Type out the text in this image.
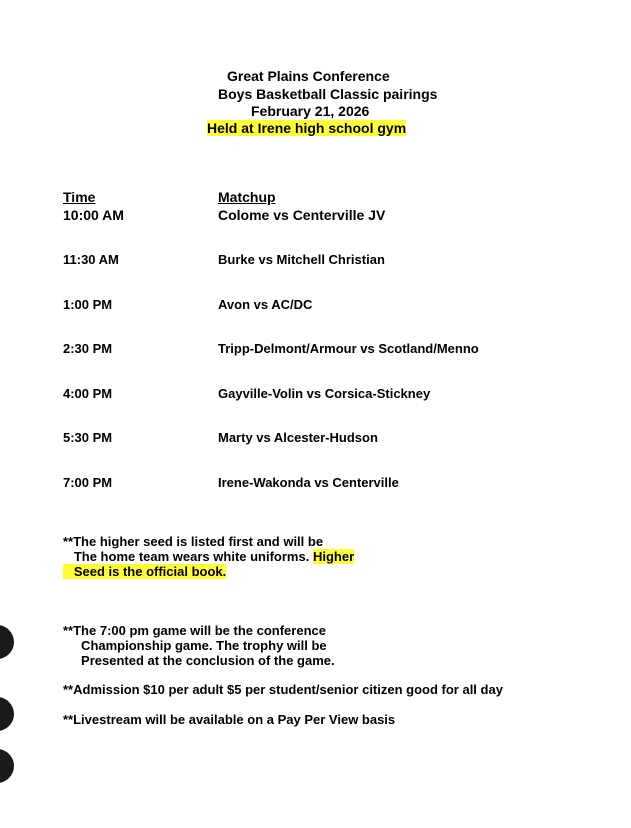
Great Plains Conference
Boys Basketball Classic pairings
February 21, 2026
Held at Irene high school gym
Time	Matchup
10:00 AM	Colome vs Centerville JV
11:30 AM	Burke vs Mitchell Christian
1:00 PM	Avon vs AC/DC
2:30 PM	Tripp-Delmont/Armour vs Scotland/Menno
4:00 PM	Gayville-Volin vs Corsica-Stickney
5:30 PM	Marty vs Alcester-Hudson
7:00 PM	Irene-Wakonda vs Centerville
**The higher seed is listed first and will be
The home team wears white uniforms. Higher
Seed is the official book.
**The 7:00 pm game will be the conference
Championship game. The trophy will be
Presented at the conclusion of the game.
**Admission $10 per adult $5 per student/senior citizen good for all day
**Livestream will be available on a Pay Per View basis
